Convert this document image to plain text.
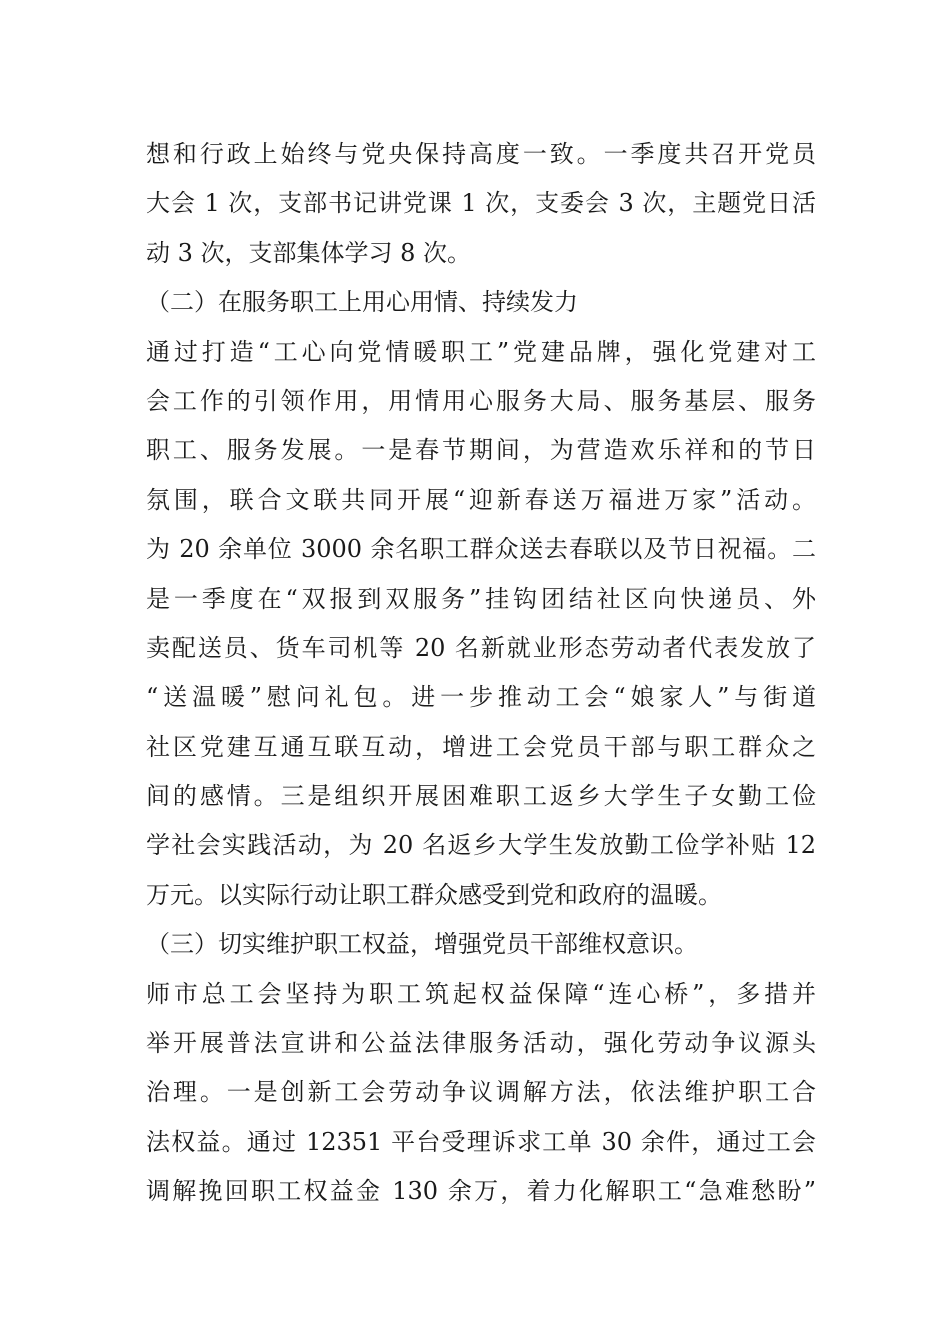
想和行政上始终与党央保持高度一致。一季度共召开党员
大会 1 次，支部书记讲党课 1 次，支委会 3 次，主题党日活
动 3 次，支部集体学习 8 次。
（二）在服务职工上用心用情、持续发力
通过打造“工心向党情暖职工”党建品牌，强化党建对工
会工作的引领作用，用情用心服务大局、服务基层、服务
职工、服务发展。一是春节期间，为营造欢乐祥和的节日
氛围，联合文联共同开展“迎新春送万福进万家”活动。
为 20 余单位 3000 余名职工群众送去春联以及节日祝福。二
是一季度在“双报到双服务”挂钩团结社区向快递员、外
卖配送员、货车司机等 20 名新就业形态劳动者代表发放了
“送温暖”慰问礼包。进一步推动工会“娘家人”与街道
社区党建互通互联互动，增进工会党员干部与职工群众之
间的感情。三是组织开展困难职工返乡大学生子女勤工俭
学社会实践活动，为 20 名返乡大学生发放勤工俭学补贴 12
万元。以实际行动让职工群众感受到党和政府的温暖。
（三）切实维护职工权益，增强党员干部维权意识。
师市总工会坚持为职工筑起权益保障“连心桥”，多措并
举开展普法宣讲和公益法律服务活动，强化劳动争议源头
治理。一是创新工会劳动争议调解方法，依法维护职工合
法权益。通过 12351 平台受理诉求工单 30 余件，通过工会
调解挽回职工权益金 130 余万，着力化解职工“急难愁盼”
